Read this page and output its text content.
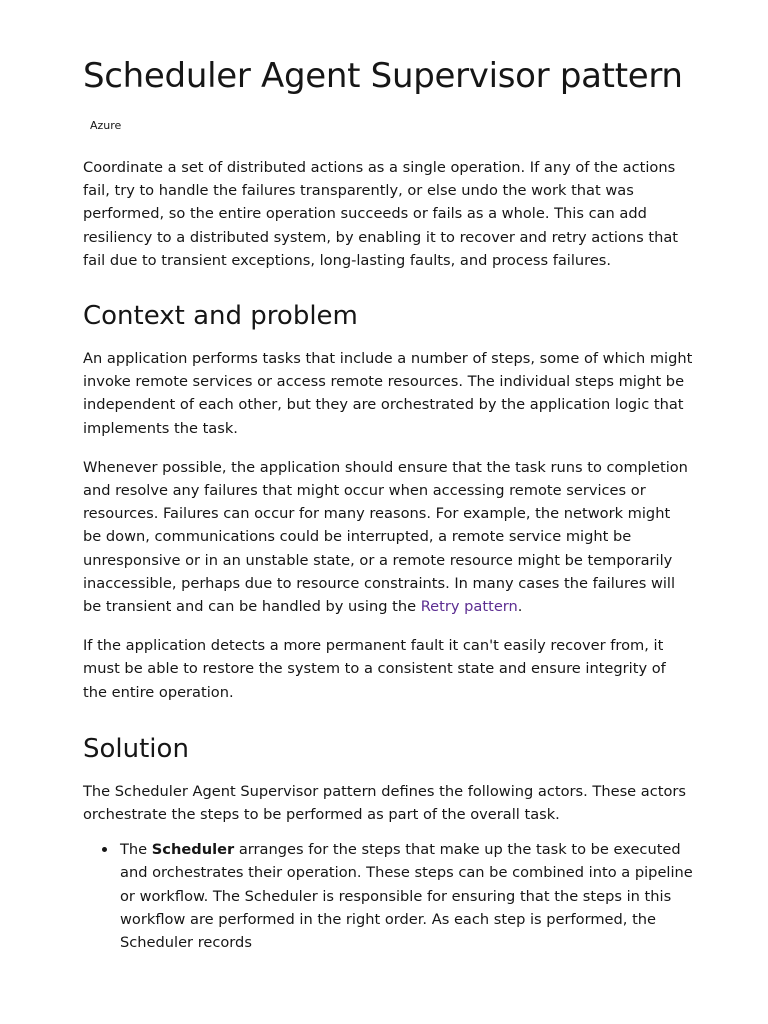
Scheduler Agent Supervisor pattern
Azure

Coordinate a set of distributed actions as a single operation. If any of the actions fail, try to handle the failures transparently, or else undo the work that was performed, so the entire operation succeeds or fails as a whole. This can add resiliency to a distributed system, by enabling it to recover and retry actions that fail due to transient exceptions, long-lasting faults, and process failures.

Context and problem

An application performs tasks that include a number of steps, some of which might invoke remote services or access remote resources. The individual steps might be independent of each other, but they are orchestrated by the application logic that implements the task.

Whenever possible, the application should ensure that the task runs to completion and resolve any failures that might occur when accessing remote services or resources. Failures can occur for many reasons. For example, the network might be down, communications could be interrupted, a remote service might be unresponsive or in an unstable state, or a remote resource might be temporarily inaccessible, perhaps due to resource constraints. In many cases the failures will be transient and can be handled by using the Retry pattern.

If the application detects a more permanent fault it can't easily recover from, it must be able to restore the system to a consistent state and ensure integrity of the entire operation.

Solution

The Scheduler Agent Supervisor pattern defines the following actors. These actors orchestrate the steps to be performed as part of the overall task.

The Scheduler arranges for the steps that make up the task to be executed and orchestrates their operation. These steps can be combined into a pipeline or workflow. The Scheduler is responsible for ensuring that the steps in this workflow are performed in the right order. As each step is performed, the Scheduler records
